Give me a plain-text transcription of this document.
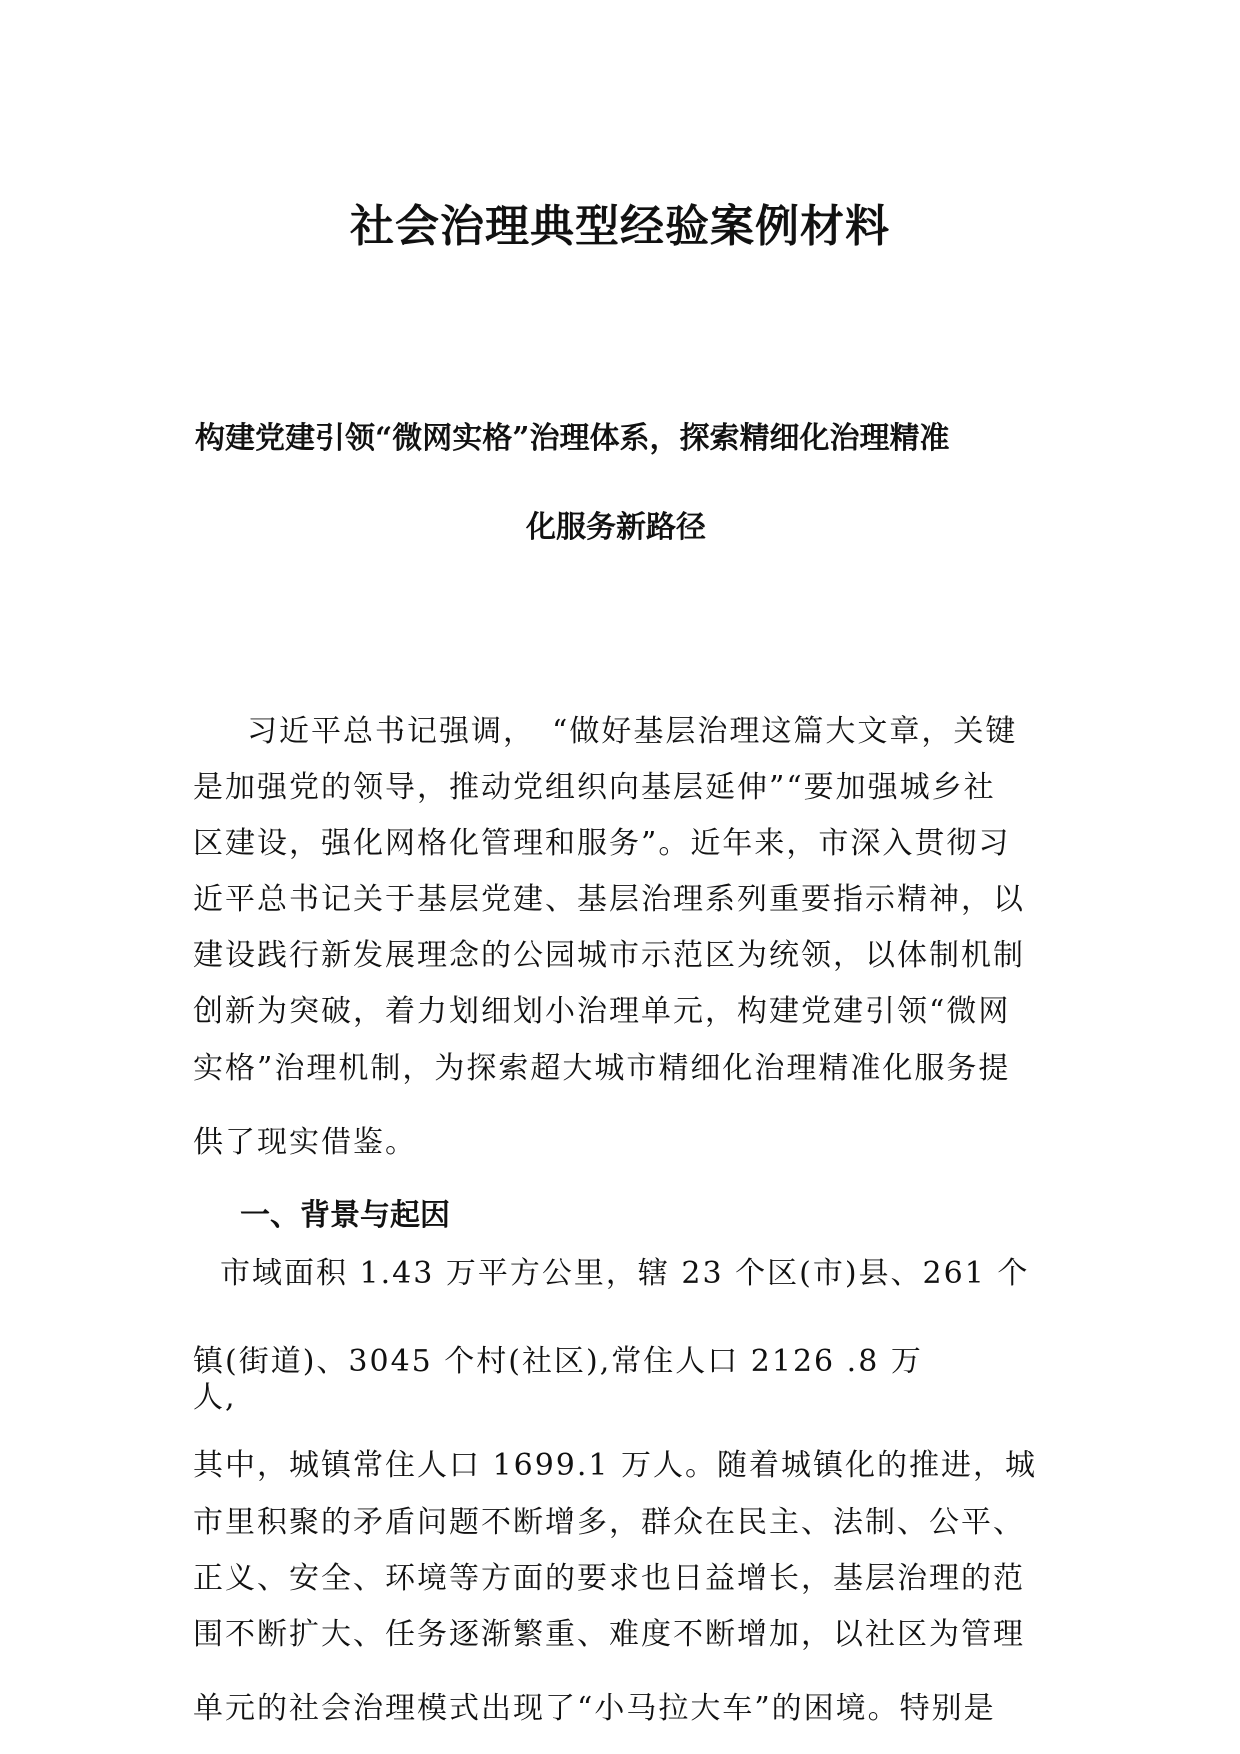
社会治理典型经验案例材料

构建党建引领“微网实格”治理体系，探索精细化治理精准

化服务新路径

习近平总书记强调，　“做好基层治理这篇大文章，关键

是加强党的领导，推动党组织向基层延伸”“要加强城乡社

区建设，强化网格化管理和服务”。近年来，市深入贯彻习

近平总书记关于基层党建、基层治理系列重要指示精神，以

建设践行新发展理念的公园城市示范区为统领，以体制机制

创新为突破，着力划细划小治理单元，构建党建引领“微网

实格”治理机制，为探索超大城市精细化治理精准化服务提

供了现实借鉴。

一、背景与起因

市域面积 1.43 万平方公里，辖 23 个区(市)县、261 个

镇(街道)、3045 个村(社区),常住人口 2126 .8 万

人,

其中，城镇常住人口 1699.1 万人。随着城镇化的推进，城

市里积聚的矛盾问题不断增多，群众在民主、法制、公平、

正义、安全、环境等方面的要求也日益增长，基层治理的范

围不断扩大、任务逐渐繁重、难度不断增加，以社区为管理

单元的社会治理模式出现了“小马拉大车”的困境。特别是
